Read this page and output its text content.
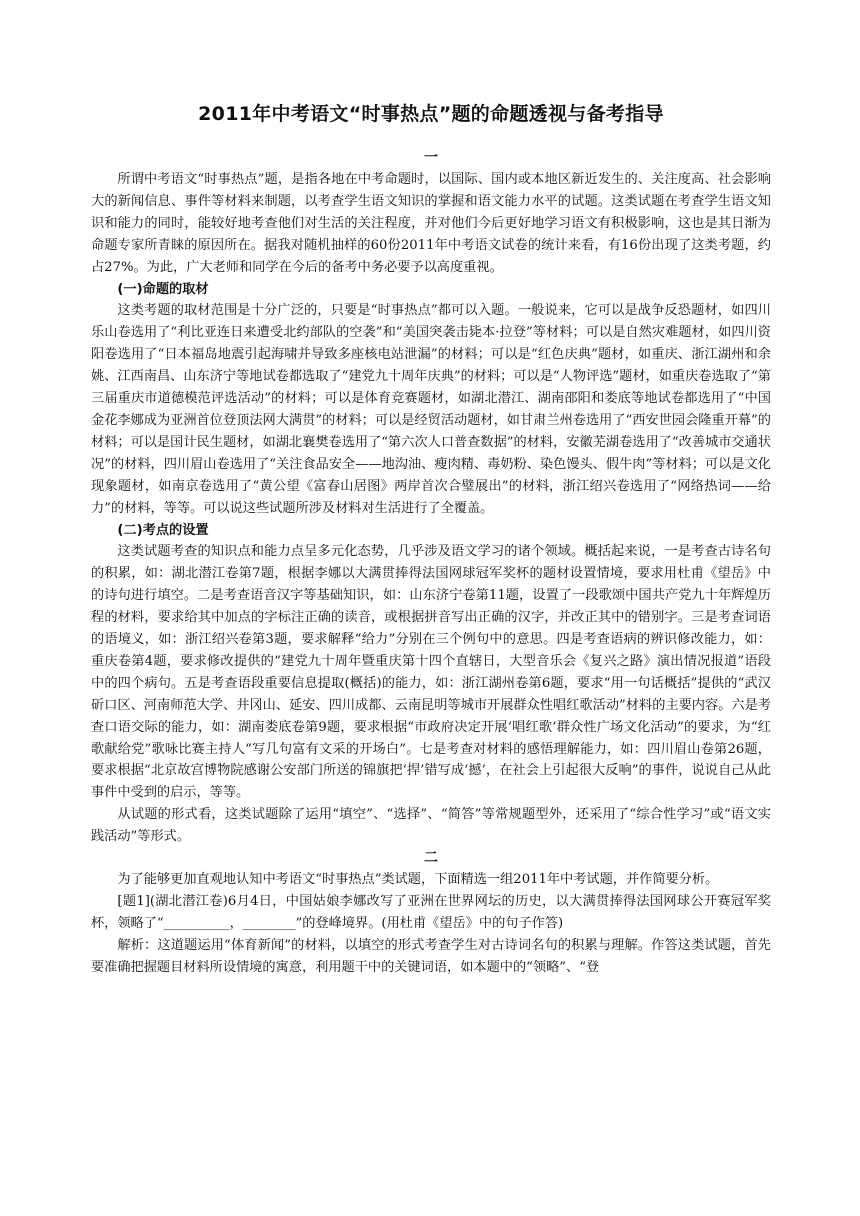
2011年中考语文“时事热点”题的命题透视与备考指导
一

所谓中考语文“时事热点”题，是指各地在中考命题时，以国际、国内或本地区新近发生的、关注度高、社会影响大的新闻信息、事件等材料来制题，以考查学生语文知识的掌握和语文能力水平的试题。这类试题在考查学生语文知识和能力的同时，能较好地考查他们对生活的关注程度，并对他们今后更好地学习语文有积极影响，这也是其日渐为命题专家所青睐的原因所在。据我对随机抽样的60份2011年中考语文试卷的统计来看，有16份出现了这类考题，约占27%。为此，广大老师和同学在今后的备考中务必要予以高度重视。

(一)命题的取材

这类考题的取材范围是十分广泛的，只要是“时事热点”都可以入题。一般说来，它可以是战争反恐题材，如四川乐山卷选用了“利比亚连日来遭受北约部队的空袭”和“美国突袭击毙本·拉登”等材料；可以是自然灾难题材，如四川资阳卷选用了“日本福岛地震引起海啸并导致多座核电站泄漏”的材料；可以是“红色庆典”题材，如重庆、浙江湖州和余姚、江西南昌、山东济宁等地试卷都选取了“建党九十周年庆典”的材料；可以是“人物评选”题材，如重庆卷选取了“第三届重庆市道德模范评选活动”的材料；可以是体育竞赛题材，如湖北潜江、湖南邵阳和娄底等地试卷都选用了“中国金花李娜成为亚洲首位登顶法网大满贯”的材料；可以是经贸活动题材，如甘肃兰州卷选用了“西安世园会隆重开幕”的材料；可以是国计民生题材，如湖北襄樊卷选用了“第六次人口普查数据”的材料，安徽芜湖卷选用了“改善城市交通状况”的材料，四川眉山卷选用了“关注食品安全——地沟油、瘦肉精、毒奶粉、染色馒头、假牛肉”等材料；可以是文化现象题材，如南京卷选用了“黄公望《富春山居图》两岸首次合璧展出”的材料，浙江绍兴卷选用了“网络热词——给力”的材料，等等。可以说这些试题所涉及材料对生活进行了全覆盖。

(二)考点的设置

这类试题考查的知识点和能力点呈多元化态势，几乎涉及语文学习的诸个领域。概括起来说，一是考查古诗名句的积累，如：湖北潜江卷第7题，根据李娜以大满贯捧得法国网球冠军奖杯的题材设置情境，要求用杜甫《望岳》中的诗句进行填空。二是考查语音汉字等基础知识，如：山东济宁卷第11题，设置了一段歌颂中国共产党九十年辉煌历程的材料，要求给其中加点的字标注正确的读音，或根据拼音写出正确的汉字，并改正其中的错别字。三是考查词语的语境义，如：浙江绍兴卷第3题，要求解释“给力”分别在三个例句中的意思。四是考查语病的辨识修改能力，如：重庆卷第4题，要求修改提供的“建党九十周年暨重庆第十四个直辖日，大型音乐会《复兴之路》演出情况报道”语段中的四个病句。五是考查语段重要信息提取(概括)的能力，如：浙江湖州卷第6题，要求“用一句话概括”提供的“武汉斫口区、河南师范大学、井冈山、延安、四川成都、云南昆明等城市开展群众性唱红歌活动”材料的主要内容。六是考查口语交际的能力，如：湖南娄底卷第9题，要求根据“市政府决定开展‘唱红歌’群众性广场文化活动”的要求，为“红歌献给党”歌咏比赛主持人“写几句富有文采的开场白”。七是考查对材料的感悟理解能力，如：四川眉山卷第26题，要求根据“北京故宫博物院感谢公安部门所送的锦旗把‘捍’错写成‘撼’，在社会上引起很大反响”的事件，说说自己从此事件中受到的启示，等等。

从试题的形式看，这类试题除了运用“填空”、“选择”、“简答”等常规题型外，还采用了“综合性学习”或“语文实践活动”等形式。

二

为了能够更加直观地认知中考语文“时事热点”类试题，下面精选一组2011年中考试题，并作简要分析。

[题1](湖北潜江卷)6月4日，中国姑娘李娜改写了亚洲在世界网坛的历史，以大满贯捧得法国网球公开赛冠军奖杯，领略了“__________，________”的登峰境界。(用杜甫《望岳》中的句子作答)

解析：这道题运用“体育新闻”的材料，以填空的形式考查学生对古诗词名句的积累与理解。作答这类试题，首先要准确把握题目材料所设情境的寓意，利用题干中的关键词语，如本题中的“领略”、“登
